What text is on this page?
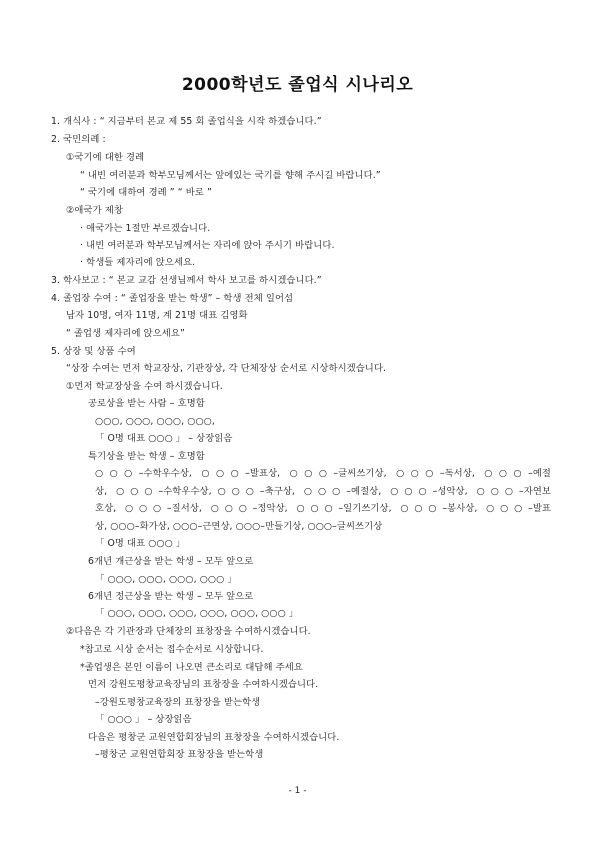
2000학년도 졸업식 시나리오
1. 개식사 : “ 지금부터 본교 제 55 회 졸업식을 시작 하겠습니다.”
2. 국민의례 :
①국기에 대한 경례
“ 내빈 여러분과 학부모님께서는 앞에있는 국기를 향해 주시길 바랍니다.”
“ 국기에 대하여 경례 ” “ 바로 ”
②애국가 제창
· 애국가는 1절만 부르겠습니다.
· 내빈 여러분과 학부모님께서는 자리에 앉아 주시기 바랍니다.
· 학생들 제자리에 앉으세요.
3. 학사보고 : “ 본교 교감 선생님께서 학사 보고를 하시겠습니다.”
4. 졸업장 수여 : “ 졸업장을 받는 학생” – 학생 전체 일어섬
남자 10명, 여자 11명, 계 21명 대표 김영화
“ 졸업생 제자리에 앉으세요”
5. 상장 및 상품 수여
“상장 수여는 먼저 학교장상, 기관장상, 각 단체장상 순서로 시상하시겠습니다.
①먼저 학교장상을 수여 하시겠습니다.
공로상을 받는 사람 – 호명함
○○○, ○○○, ○○○, ○○○,
「 O명 대표 ○○○ 」 – 상장읽음
특기상을 받는 학생 – 호명함
○○○–수학우수상, ○○○–발표상, ○○○–글씨쓰기상, ○○○–독서상, ○○○–예절
상, ○○○–수학우수상,○○○–축구상, ○○○–예절상, ○○○–성악상, ○○○–자연보
호상, ○○○–질서상, ○○○–정악상, ○○○–일기쓰기상, ○○○–봉사상, ○○○–발표
상, ○○○–화가상, ○○○–근면상, ○○○–만들기상, ○○○–글씨쓰기상
「 O명 대표 ○○○ 」
6개년 개근상을 받는 학생 – 모두 앞으로
「 ○○○, ○○○, ○○○, ○○○ 」
6개년 정근상을 받는 학생 – 모두 앞으로
「 ○○○, ○○○, ○○○, ○○○, ○○○, ○○○ 」
②다음은 각 기관장과 단체장의 표창장을 수여하시겠습니다.
*참고로 시상 순서는 접수순서로 시상합니다.
*졸업생은 본인 이름이 나오면 큰소리로 대답해 주세요
먼저 강원도평창교육장님의 표창장을 수여하시겠습니다.
–강원도평창교육장의 표창장을 받는학생
「 ○○○ 」 – 상장읽음
다음은 평창군 교원연합회장님의 표창장을 수여하시겠습니다.
–평창군 교원연합회장 표창장을 받는학생
- 1 -
